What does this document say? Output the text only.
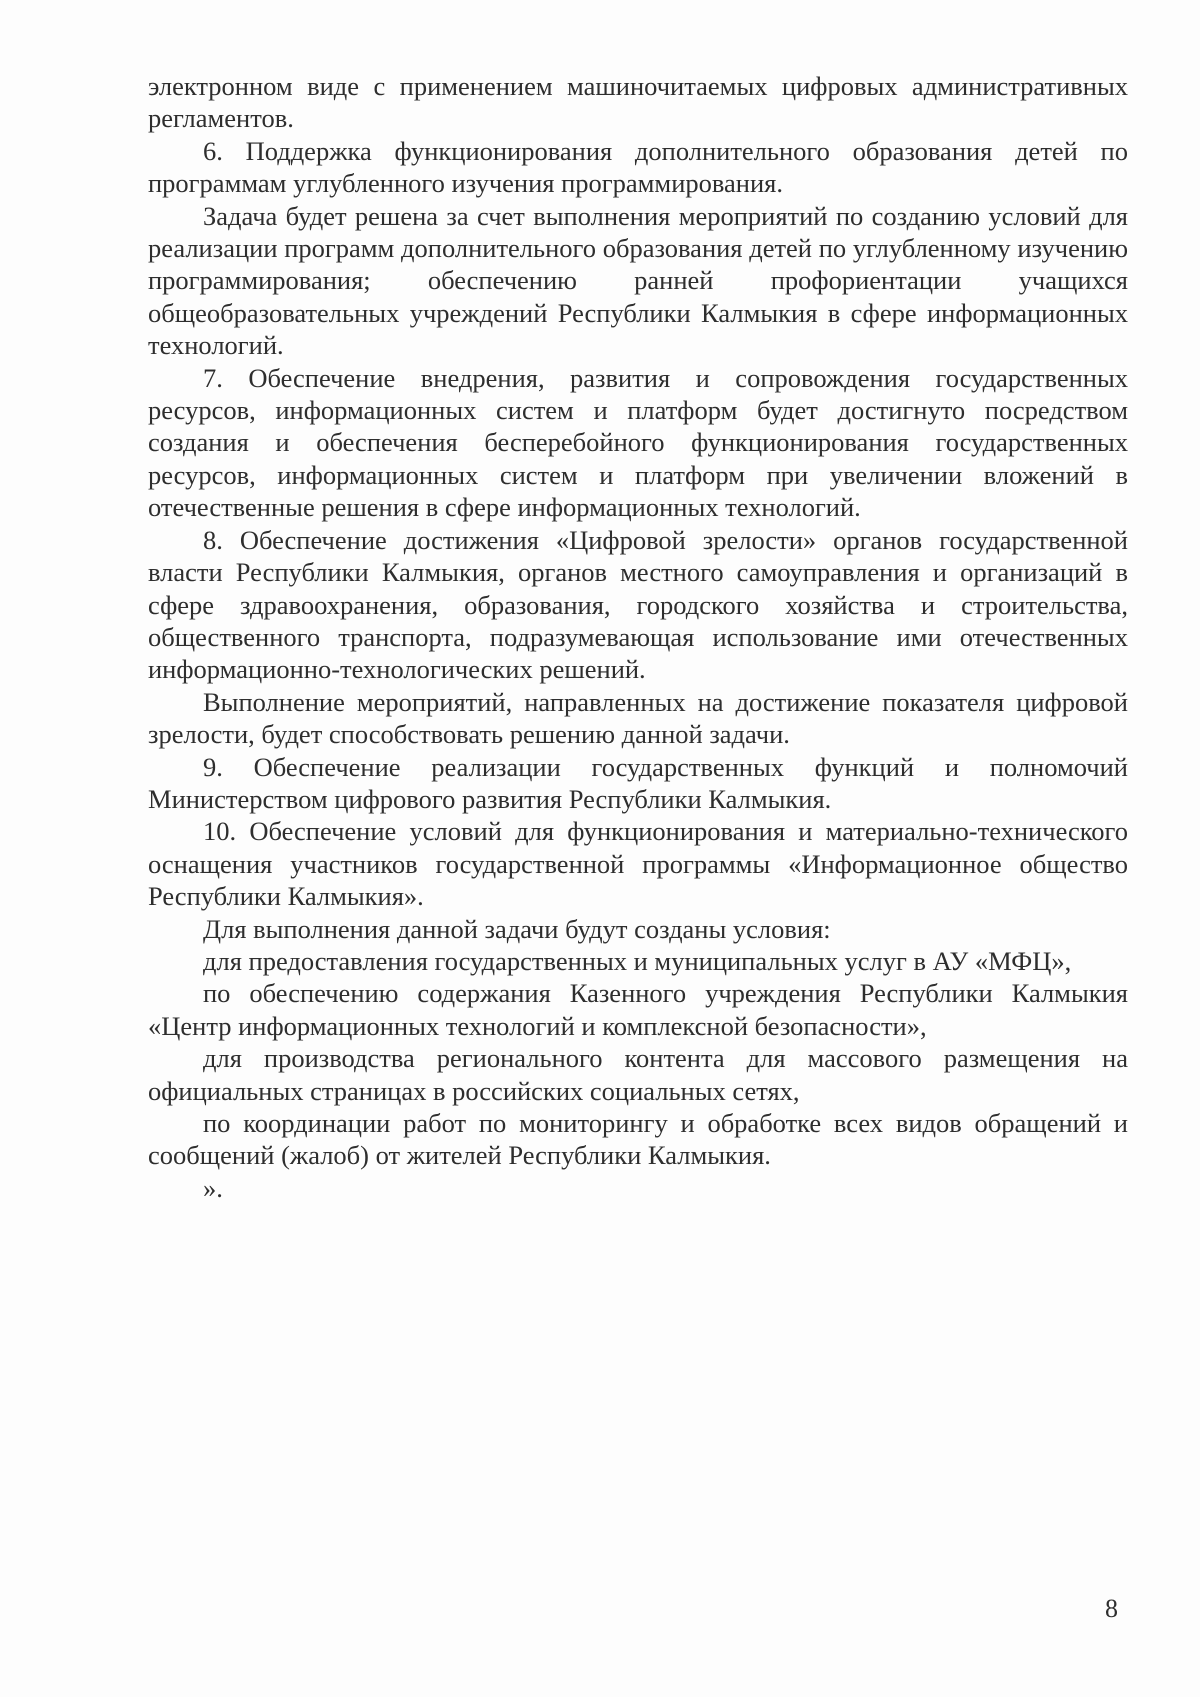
электронном виде с применением машиночитаемых цифровых административных регламентов.

6. Поддержка функционирования дополнительного образования детей по программам углубленного изучения программирования.

Задача будет решена за счет выполнения мероприятий по созданию условий для реализации программ дополнительного образования детей по углубленному изучению программирования; обеспечению ранней профориентации учащихся общеобразовательных учреждений Республики Калмыкия в сфере информационных технологий.

7. Обеспечение внедрения, развития и сопровождения государственных ресурсов, информационных систем и платформ будет достигнуто посредством создания и обеспечения бесперебойного функционирования государственных ресурсов, информационных систем и платформ при увеличении вложений в отечественные решения в сфере информационных технологий.

8. Обеспечение достижения «Цифровой зрелости» органов государственной власти Республики Калмыкия, органов местного самоуправления и организаций в сфере здравоохранения, образования, городского хозяйства и строительства, общественного транспорта, подразумевающая использование ими отечественных информационно-технологических решений.

Выполнение мероприятий, направленных на достижение показателя цифровой зрелости, будет способствовать решению данной задачи.

9. Обеспечение реализации государственных функций и полномочий Министерством цифрового развития Республики Калмыкия.

10. Обеспечение условий для функционирования и материально-технического оснащения участников государственной программы «Информационное общество Республики Калмыкия».

Для выполнения данной задачи будут созданы условия:

для предоставления государственных и муниципальных услуг в АУ «МФЦ»,

по обеспечению содержания Казенного учреждения Республики Калмыкия «Центр информационных технологий и комплексной безопасности»,

для производства регионального контента для массового размещения на официальных страницах в российских социальных сетях,

по координации работ по мониторингу и обработке всех видов обращений и сообщений (жалоб) от жителей Республики Калмыкия.

».

8
